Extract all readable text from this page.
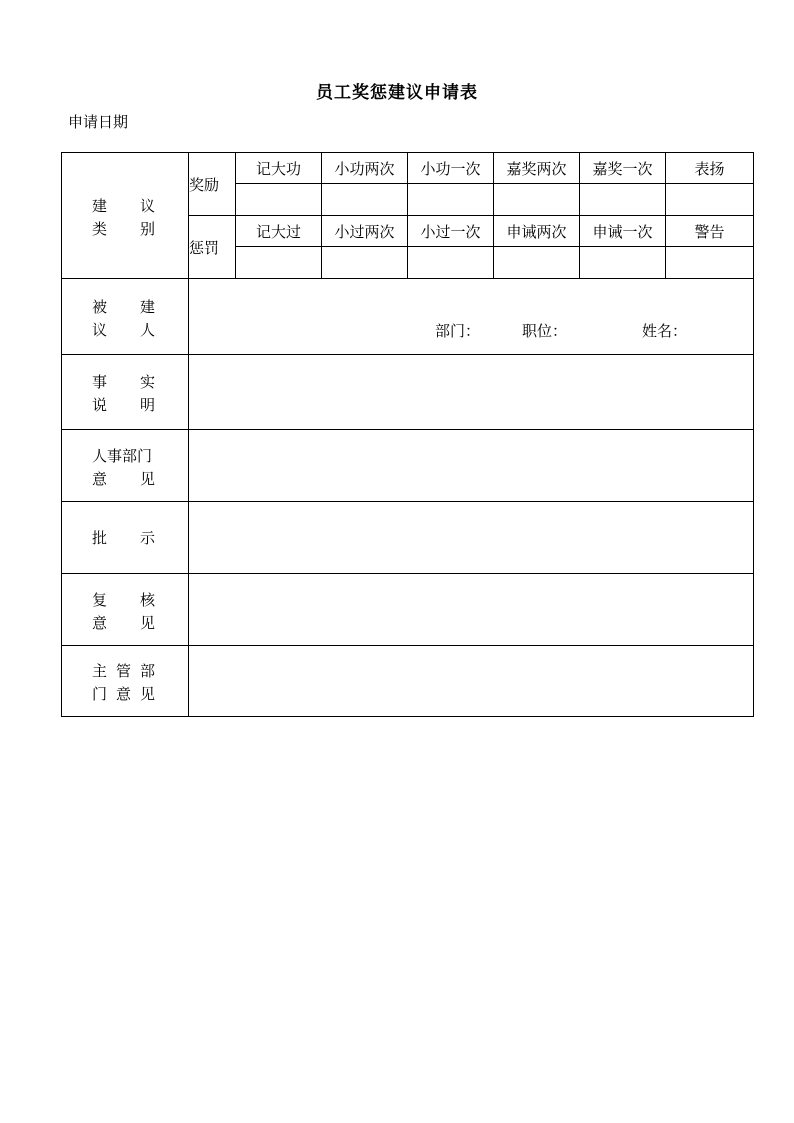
员工奖惩建议申请表
申请日期
建 议
类 别	奖励	记大功	小功两次	小功一次	嘉奖两次	嘉奖一次	表扬

	惩罚	记大过	小过两次	小过一次	申诫两次	申诫一次	警告

被 建
议 人	部门： 职位： 姓名：						

事 实
说 明							

人事部门
意 见							

批 示							

复 核
意 见							

主管部
门意见							
